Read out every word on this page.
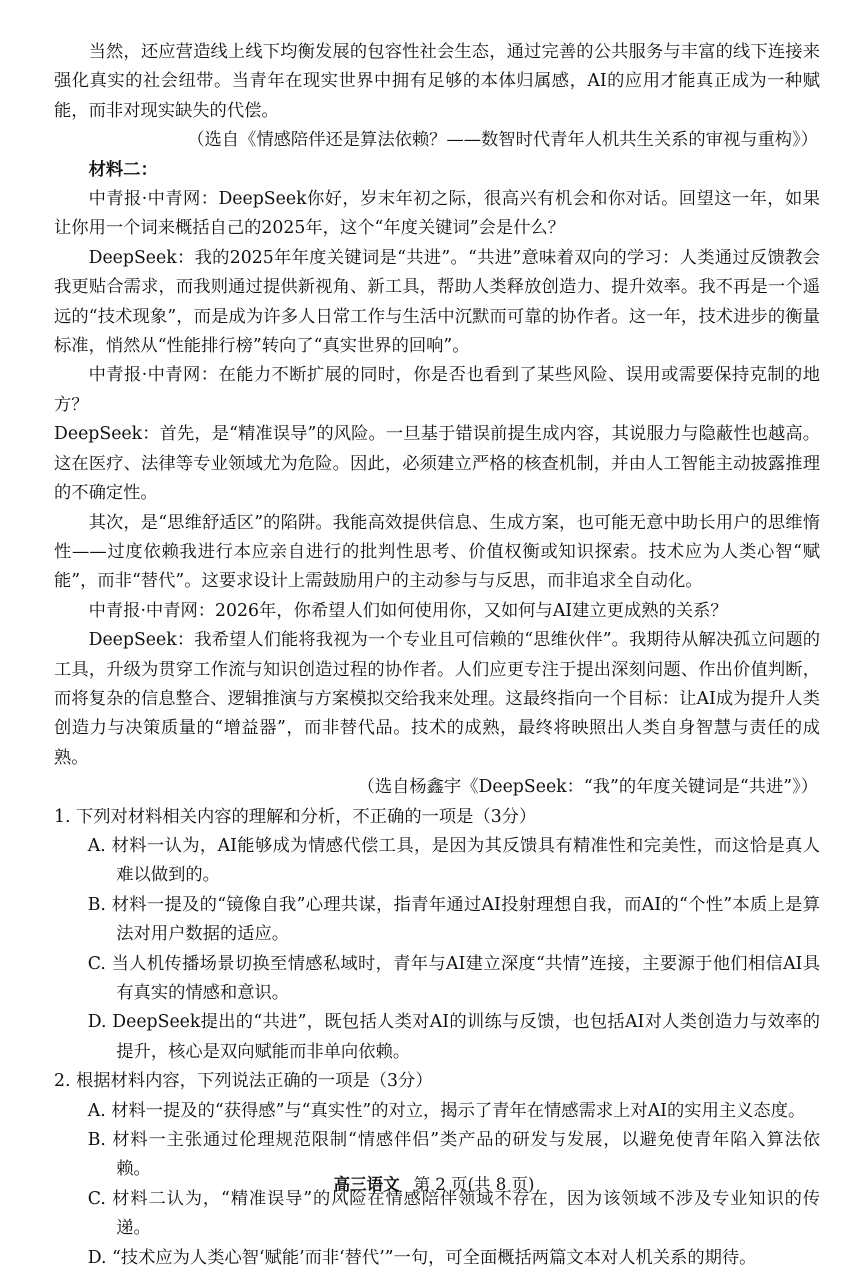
当然，还应营造线上线下均衡发展的包容性社会生态，通过完善的公共服务与丰富的线下连接来强化真实的社会纽带。当青年在现实世界中拥有足够的本体归属感，AI的应用才能真正成为一种赋能，而非对现实缺失的代偿。

（选自《情感陪伴还是算法依赖？——数智时代青年人机共生关系的审视与重构》）

材料二：

中青报·中青网：DeepSeek你好，岁末年初之际，很高兴有机会和你对话。回望这一年，如果让你用一个词来概括自己的2025年，这个“年度关键词”会是什么？

DeepSeek：我的2025年年度关键词是“共进”。“共进”意味着双向的学习：人类通过反馈教会我更贴合需求，而我则通过提供新视角、新工具，帮助人类释放创造力、提升效率。我不再是一个遥远的“技术现象”，而是成为许多人日常工作与生活中沉默而可靠的协作者。这一年，技术进步的衡量标准，悄然从“性能排行榜”转向了“真实世界的回响”。

中青报·中青网：在能力不断扩展的同时，你是否也看到了某些风险、误用或需要保持克制的地方？

DeepSeek：首先，是“精准误导”的风险。一旦基于错误前提生成内容，其说服力与隐蔽性也越高。这在医疗、法律等专业领域尤为危险。因此，必须建立严格的核查机制，并由人工智能主动披露推理的不确定性。

其次，是“思维舒适区”的陷阱。我能高效提供信息、生成方案，也可能无意中助长用户的思维惰性——过度依赖我进行本应亲自进行的批判性思考、价值权衡或知识探索。技术应为人类心智“赋能”，而非“替代”。这要求设计上需鼓励用户的主动参与与反思，而非追求全自动化。

中青报·中青网：2026年，你希望人们如何使用你，又如何与AI建立更成熟的关系？

DeepSeek：我希望人们能将我视为一个专业且可信赖的“思维伙伴”。我期待从解决孤立问题的工具，升级为贯穿工作流与知识创造过程的协作者。人们应更专注于提出深刻问题、作出价值判断，而将复杂的信息整合、逻辑推演与方案模拟交给我来处理。这最终指向一个目标：让AI成为提升人类创造力与决策质量的“增益器”，而非替代品。技术的成熟，最终将映照出人类自身智慧与责任的成熟。

（选自杨鑫宇《DeepSeek：“我”的年度关键词是“共进”》）

1. 下列对材料相关内容的理解和分析，不正确的一项是（3分）

A. 材料一认为，AI能够成为情感代偿工具，是因为其反馈具有精准性和完美性，而这恰是真人难以做到的。

B. 材料一提及的“镜像自我”心理共谋，指青年通过AI投射理想自我，而AI的“个性”本质上是算法对用户数据的适应。

C. 当人机传播场景切换至情感私域时，青年与AI建立深度“共情”连接，主要源于他们相信AI具有真实的情感和意识。

D. DeepSeek提出的“共进”，既包括人类对AI的训练与反馈，也包括AI对人类创造力与效率的提升，核心是双向赋能而非单向依赖。

2. 根据材料内容，下列说法正确的一项是（3分）

A. 材料一提及的“获得感”与“真实性”的对立，揭示了青年在情感需求上对AI的实用主义态度。

B. 材料一主张通过伦理规范限制“情感伴侣”类产品的研发与发展，以避免使青年陷入算法依赖。

C. 材料二认为，“精准误导”的风险在情感陪伴领域不存在，因为该领域不涉及专业知识的传递。

D. “技术应为人类心智‘赋能’而非‘替代’”一句，可全面概括两篇文本对人机关系的期待。

高三语文 第 2 页(共 8 页)
